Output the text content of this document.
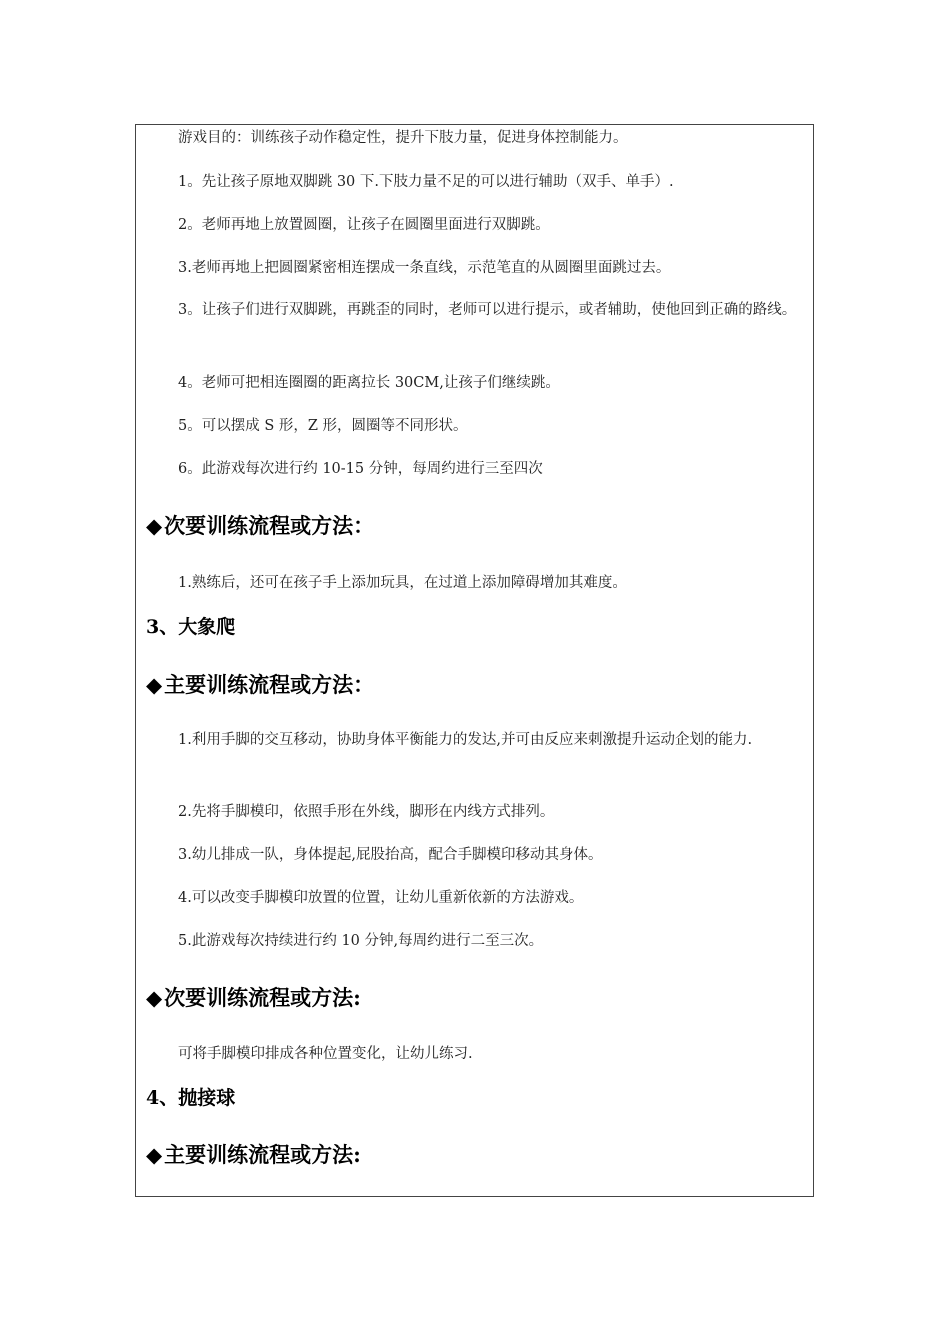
游戏目的：训练孩子动作稳定性，提升下肢力量，促进身体控制能力。
1。先让孩子原地双脚跳 30 下.下肢力量不足的可以进行辅助（双手、单手）.
2。老师再地上放置圆圈，让孩子在圆圈里面进行双脚跳。
3.老师再地上把圆圈紧密相连摆成一条直线，示范笔直的从圆圈里面跳过去。
3。让孩子们进行双脚跳，再跳歪的同时，老师可以进行提示，或者辅助，使他回到正确的路线。
4。老师可把相连圈圈的距离拉长 30CM,让孩子们继续跳。
5。可以摆成 S 形，Z 形，圆圈等不同形状。
6。此游戏每次进行约 10-15 分钟，每周约进行三至四次
◆次要训练流程或方法：
1.熟练后，还可在孩子手上添加玩具，在过道上添加障碍增加其难度。
3、大象爬
◆主要训练流程或方法：
1.利用手脚的交互移动，协助身体平衡能力的发达,并可由反应来刺激提升运动企划的能力.
2.先将手脚模印，依照手形在外线，脚形在内线方式排列。
3.幼儿排成一队，身体提起,屁股抬高，配合手脚模印移动其身体。
4.可以改变手脚模印放置的位置，让幼儿重新依新的方法游戏。
5.此游戏每次持续进行约 10 分钟,每周约进行二至三次。
◆次要训练流程或方法:
可将手脚模印排成各种位置变化，让幼儿练习.
4、抛接球
◆主要训练流程或方法:
